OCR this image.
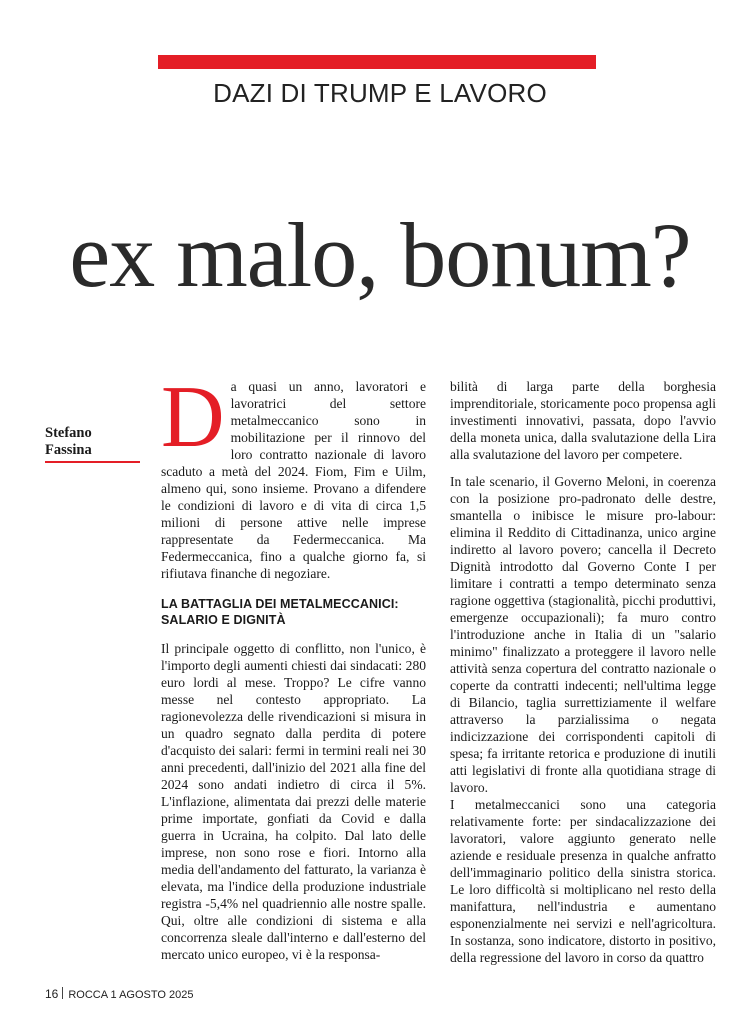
DAZI DI TRUMP E LAVORO
ex malo, bonum?
Stefano
Fassina Da quasi un anno, lavoratori e lavoratrici del settore metalmeccanico sono in mobilitazione per il rinnovo del loro contratto nazionale di lavoro scaduto a metà del 2024. Fiom, Fim e Uilm, almeno qui, sono insieme. Provano a difendere le condizioni di lavoro e di vita di circa 1,5 milioni di persone attive nelle imprese rappresentate da Federmeccanica. Ma Federmeccanica, fino a qualche giorno fa, si rifiutava finanche di negoziare.

LA BATTAGLIA DEI METALMECCANICI: SALARIO E DIGNITÀ

Il principale oggetto di conflitto, non l'unico, è l'importo degli aumenti chiesti dai sindacati: 280 euro lordi al mese. Troppo? Le cifre vanno messe nel contesto appropriato. La ragionevolezza delle rivendicazioni si misura in un quadro segnato dalla perdita di potere d'acquisto dei salari: fermi in termini reali nei 30 anni precedenti, dall'inizio del 2021 alla fine del 2024 sono andati indietro di circa il 5%. L'inflazione, alimentata dai prezzi delle materie prime importate, gonfiati da Covid e dalla guerra in Ucraina, ha colpito. Dal lato delle imprese, non sono rose e fiori. Intorno alla media dell'andamento del fatturato, la varianza è elevata, ma l'indice della produzione industriale registra -5,4% nel quadriennio alle nostre spalle. Qui, oltre alle condizioni di sistema e alla concorrenza sleale dall'interno e dall'esterno del mercato unico europeo, vi è la responsa-

bilità di larga parte della borghesia imprenditoriale, storicamente poco propensa agli investimenti innovativi, passata, dopo l'avvio della moneta unica, dalla svalutazione della Lira alla svalutazione del lavoro per competere.

In tale scenario, il Governo Meloni, in coerenza con la posizione pro-padronato delle destre, smantella o inibisce le misure pro-labour: elimina il Reddito di Cittadinanza, unico argine indiretto al lavoro povero; cancella il Decreto Dignità introdotto dal Governo Conte I per limitare i contratti a tempo determinato senza ragione oggettiva (stagionalità, picchi produttivi, emergenze occupazionali); fa muro contro l'introduzione anche in Italia di un "salario minimo" finalizzato a proteggere il lavoro nelle attività senza copertura del contratto nazionale o coperte da contratti indecenti; nell'ultima legge di Bilancio, taglia surrettiziamente il welfare attraverso la parzialissima o negata indicizzazione dei corrispondenti capitoli di spesa; fa irritante retorica e produzione di inutili atti legislativi di fronte alla quotidiana strage di lavoro.

I metalmeccanici sono una categoria relativamente forte: per sindacalizzazione dei lavoratori, valore aggiunto generato nelle aziende e residuale presenza in qualche anfratto dell'immaginario politico della sinistra storica. Le loro difficoltà si moltiplicano nel resto della manifattura, nell'industria e aumentano esponenzialmente nei servizi e nell'agricoltura. In sostanza, sono indicatore, distorto in positivo, della regressione del lavoro in corso da quattro

16 ROCCA 1 AGOSTO 2025
